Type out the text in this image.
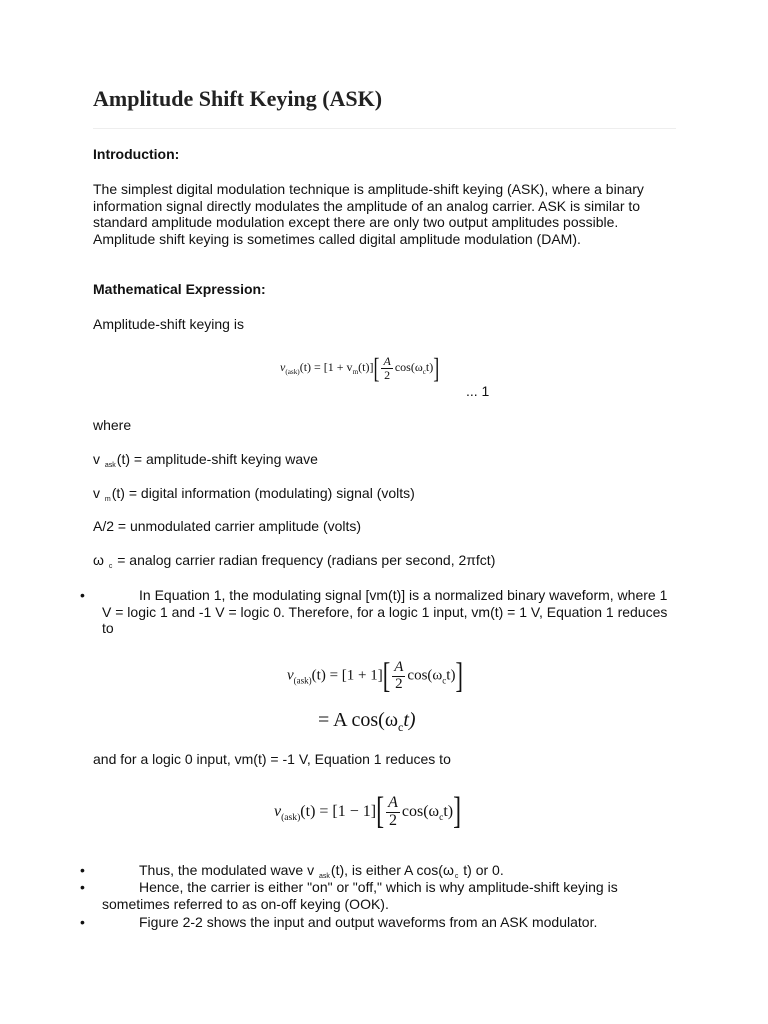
Amplitude Shift Keying (ASK)
Introduction:
The simplest digital modulation technique is amplitude-shift keying (ASK), where a binary information signal directly modulates the amplitude of an analog carrier. ASK is similar to standard amplitude modulation except there are only two output amplitudes possible. Amplitude shift keying is sometimes called digital amplitude modulation (DAM).
Mathematical Expression:
Amplitude-shift keying is
$v_{(ask)}(t) = [1 + v_m(t)][ \frac{A}{2} \cos(\omega_ct)]$
... 1
where
v $_{ask}$(t) = amplitude-shift keying wave
v $_m$(t) = digital information (modulating) signal (volts)
A/2 = unmodulated carrier amplitude (volts)
ω $_c$ = analog carrier radian frequency (radians per second, 2πfct)
•	In Equation 1, the modulating signal [vm(t)] is a normalized binary waveform, where 1 V = logic 1 and -1 V = logic 0. Therefore, for a logic 1 input, vm(t) = 1 V, Equation 1 reduces to
$v_{(ask)}(t) = [1 + 1][ \frac{A}{2} \cos(\omega_ct)]$
= A $\cos(\omega_ct)$
and for a logic 0 input, vm(t) = -1 V, Equation 1 reduces to
$v_{(ask)}(t) = [1 - 1][ \frac{A}{2} \cos(\omega_ct)]$
•	Thus, the modulated wave v $_{ask}$(t), is either A $\cos(\omega_c$ t) or 0.
•	Hence, the carrier is either "on" or "off," which is why amplitude-shift keying is sometimes referred to as on-off keying (OOK).
•	Figure 2-2 shows the input and output waveforms from an ASK modulator.
